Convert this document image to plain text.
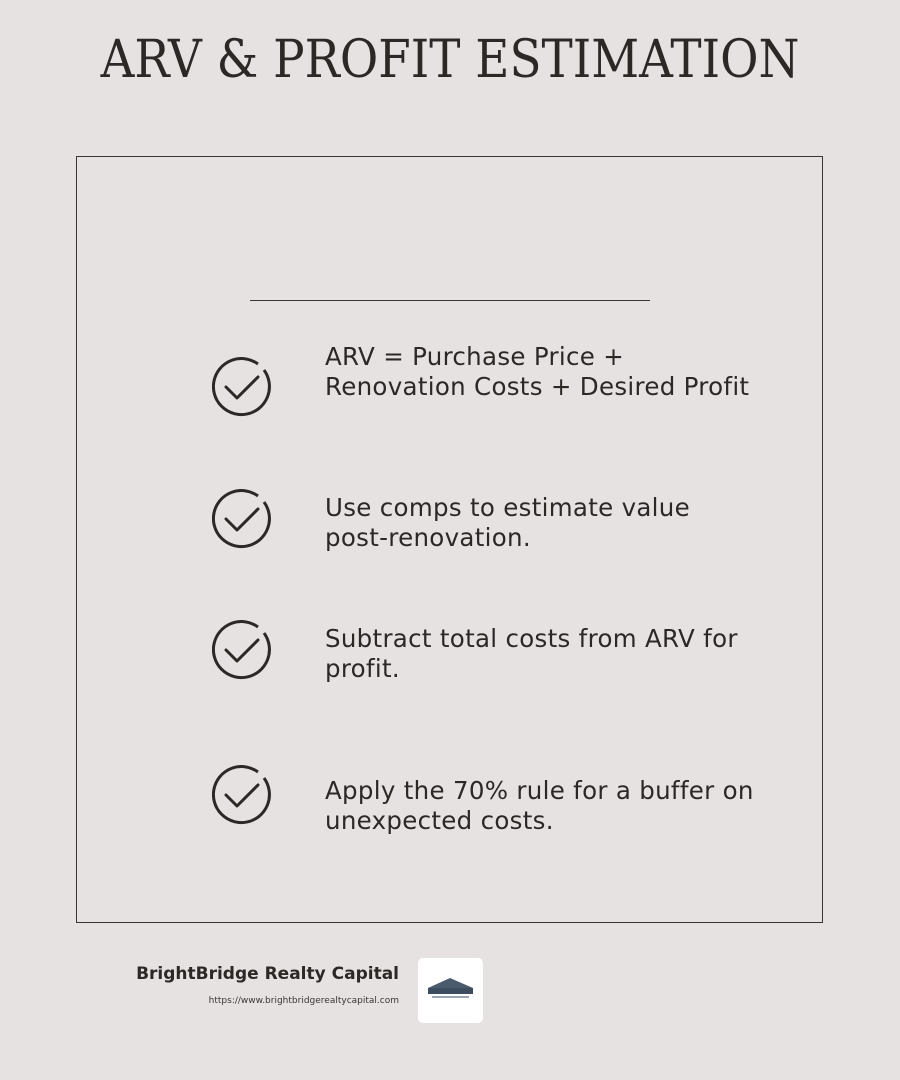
ARV & PROFIT ESTIMATION
ARV = Purchase Price + Renovation Costs + Desired Profit
Use comps to estimate value post-renovation.
Subtract total costs from ARV for profit.
Apply the 70% rule for a buffer on unexpected costs.
BrightBridge Realty Capital
https://www.brightbridgerealtycapital.com
